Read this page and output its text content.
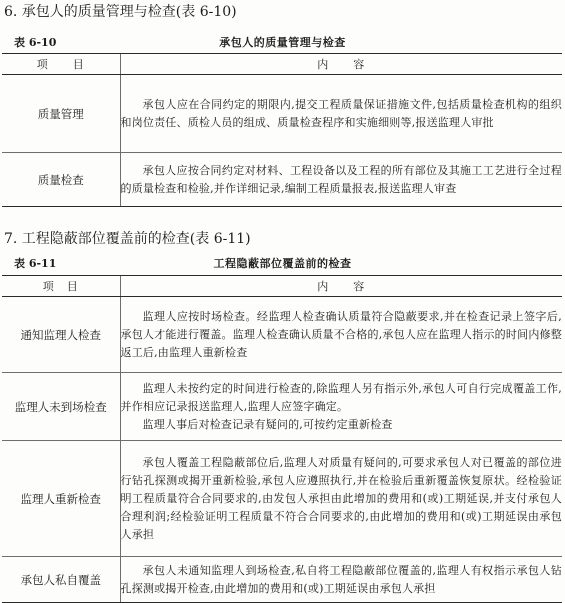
6. 承包人的质量管理与检查(表 6-10)
表 6-10	承包人的质量管理与检查
项　　目	内　　容
质量管理	承包人应在合同约定的期限内,提交工程质量保证措施文件,包括质量检查机构的组织和岗位责任、质检人员的组成、质量检查程序和实施细则等,报送监理人审批

质量检查	承包人应按合同约定对材料、工程设备以及工程的所有部位及其施工工艺进行全过程的质量检查和检验,并作详细记录,编制工程质量报表,报送监理人审查

7. 工程隐蔽部位覆盖前的检查(表 6-11)
表 6-11	工程隐蔽部位覆盖前的检查
项　目	内　　容
通知监理人检查	监理人应按时场检查。经监理人检查确认质量符合隐蔽要求,并在检查记录上签字后,承包人才能进行覆盖。监理人检查确认质量不合格的,承包人应在监理人指示的时间内修整返工后,由监理人重新检查

监理人未到场检查	监理人未按约定的时间进行检查的,除监理人另有指示外,承包人可自行完成覆盖工作,并作相应记录报送监理人,监理人应签字确定。

监理人事后对检查记录有疑问的,可按约定重新检查

监理人重新检查	承包人覆盖工程隐蔽部位后,监理人对质量有疑问的,可要求承包人对已覆盖的部位进行钻孔探测或揭开重新检验,承包人应遵照执行,并在检验后重新覆盖恢复原状。经检验证明工程质量符合合同要求的,由发包人承担由此增加的费用和(或)工期延误,并支付承包人合理利润;经检验证明工程质量不符合合同要求的,由此增加的费用和(或)工期延误由承包人承担

承包人私自覆盖	承包人未通知监理人到场检查,私自将工程隐蔽部位覆盖的,监理人有权指示承包人钻孔探测或揭开检查,由此增加的费用和(或)工期延误由承包人承担
